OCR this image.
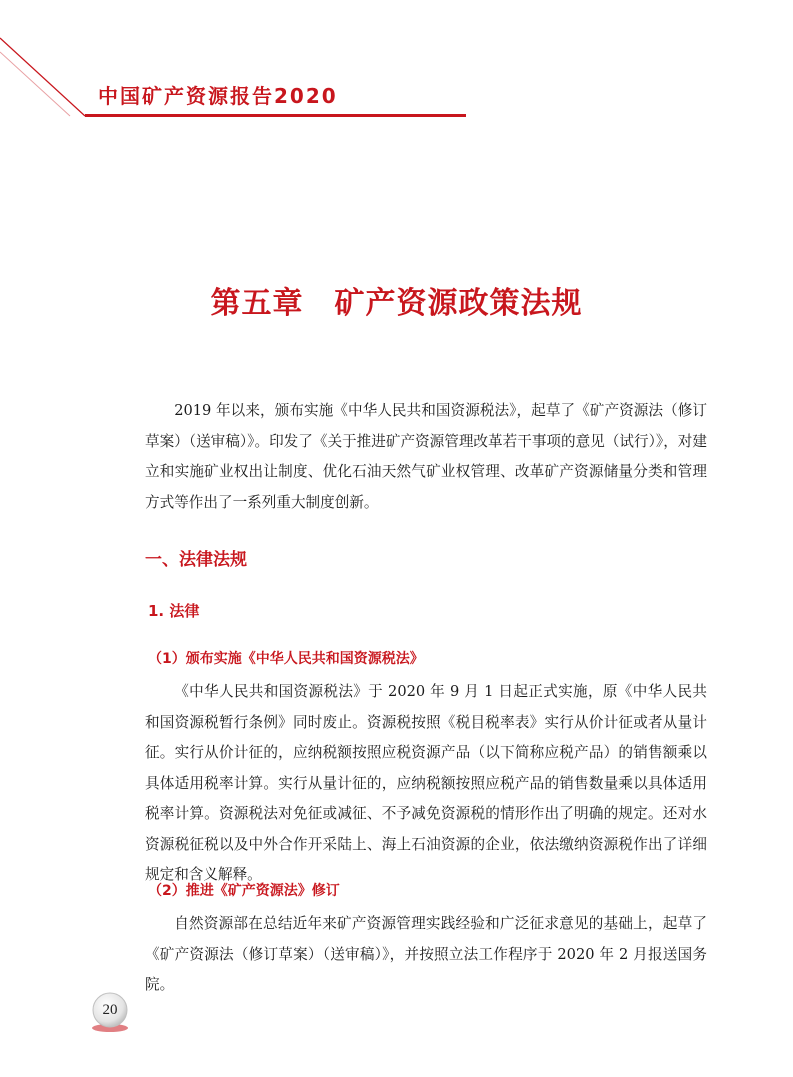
中国矿产资源报告2020
第五章　矿产资源政策法规

2019 年以来，颁布实施《中华人民共和国资源税法》，起草了《矿产资源法（修订草案）（送审稿）》。印发了《关于推进矿产资源管理改革若干事项的意见（试行）》，对建立和实施矿业权出让制度、优化石油天然气矿业权管理、改革矿产资源储量分类和管理方式等作出了一系列重大制度创新。

一、法律法规
1. 法律
（1）颁布实施《中华人民共和国资源税法》

《中华人民共和国资源税法》于 2020 年 9 月 1 日起正式实施，原《中华人民共和国资源税暂行条例》同时废止。资源税按照《税目税率表》实行从价计征或者从量计征。实行从价计征的，应纳税额按照应税资源产品（以下简称应税产品）的销售额乘以具体适用税率计算。实行从量计征的，应纳税额按照应税产品的销售数量乘以具体适用税率计算。资源税法对免征或减征、不予减免资源税的情形作出了明确的规定。还对水资源税征税以及中外合作开采陆上、海上石油资源的企业，依法缴纳资源税作出了详细规定和含义解释。

（2）推进《矿产资源法》修订

自然资源部在总结近年来矿产资源管理实践经验和广泛征求意见的基础上，起草了《矿产资源法（修订草案）（送审稿）》，并按照立法工作程序于 2020 年 2 月报送国务院。

20
